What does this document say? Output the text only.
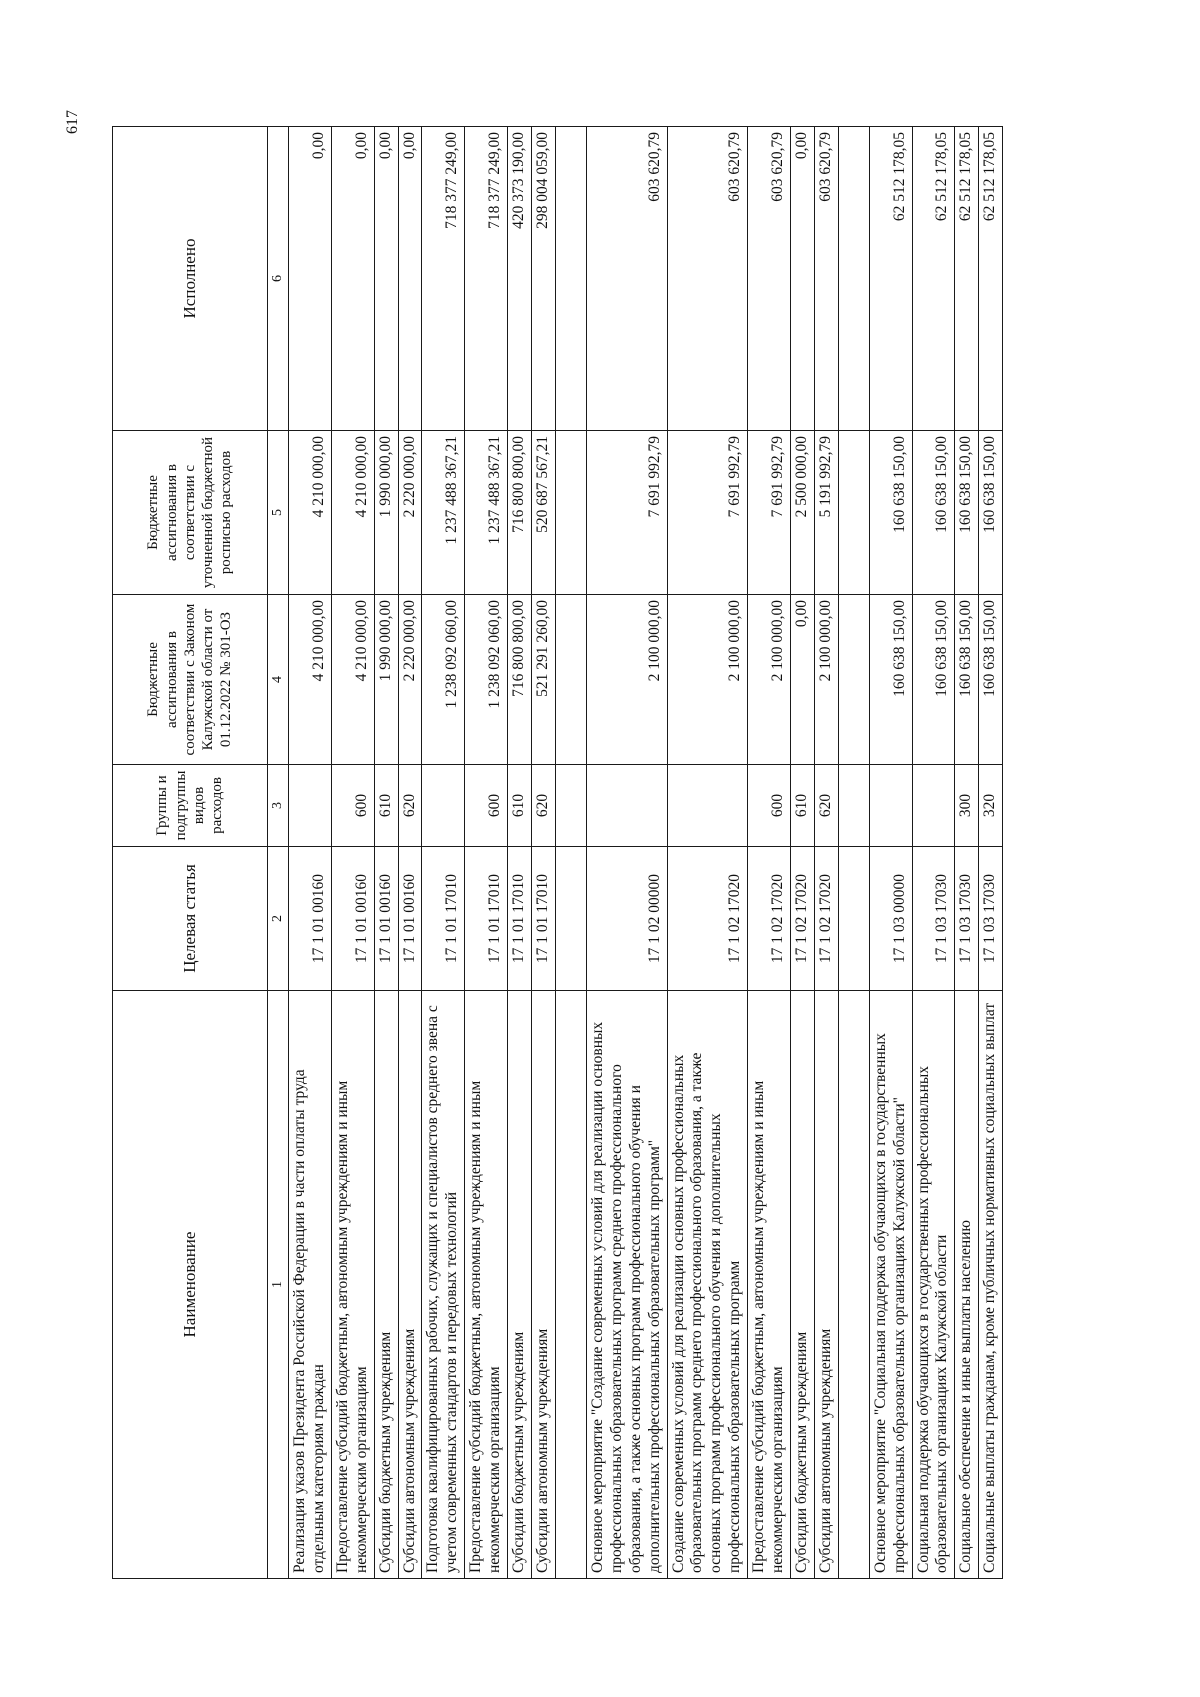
Наименование	Целевая статья	Группы и подгруппы видов расходов	Бюджетные ассигнования в соответствии с Законом Калужской области от 01.12.2022 № 301-ОЗ	Бюджетные ассигнования в соответствии с уточненной бюджетной росписью расходов	Исполнено
1	2	3	4	5	6
Реализация указов Президента Российской Федерации в части оплаты труда отдельным категориям граждан	17 1 01 00160		4 210 000,00	4 210 000,00	0,00
Предоставление субсидий бюджетным, автономным учреждениям и иным некоммерческим организациям	17 1 01 00160	600	4 210 000,00	4 210 000,00	0,00
Субсидии бюджетным учреждениям	17 1 01 00160	610	1 990 000,00	1 990 000,00	0,00
Субсидии автономным учреждениям	17 1 01 00160	620	2 220 000,00	2 220 000,00	0,00
Подготовка квалифицированных рабочих, служащих и специалистов среднего звена с учетом современных стандартов и передовых технологий	17 1 01 17010		1 238 092 060,00	1 237 488 367,21	718 377 249,00
Предоставление субсидий бюджетным, автономным учреждениям и иным некоммерческим организациям	17 1 01 17010	600	1 238 092 060,00	1 237 488 367,21	718 377 249,00
Субсидии бюджетным учреждениям	17 1 01 17010	610	716 800 800,00	716 800 800,00	420 373 190,00
Субсидии автономным учреждениям	17 1 01 17010	620	521 291 260,00	520 687 567,21	298 004 059,00

Основное мероприятие "Создание современных условий для реализации основных профессиональных образовательных программ среднего профессионального образования, а также основных программ профессионального обучения и дополнительных профессиональных образовательных программ"	17 1 02 00000		2 100 000,00	7 691 992,79	603 620,79
Создание современных условий для реализации основных профессиональных образовательных программ среднего профессионального образования, а также основных программ профессионального обучения и дополнительных профессиональных образовательных программ	17 1 02 17020		2 100 000,00	7 691 992,79	603 620,79
Предоставление субсидий бюджетным, автономным учреждениям и иным некоммерческим организациям	17 1 02 17020	600	2 100 000,00	7 691 992,79	603 620,79
Субсидии бюджетным учреждениям	17 1 02 17020	610	0,00	2 500 000,00	0,00
Субсидии автономным учреждениям	17 1 02 17020	620	2 100 000,00	5 191 992,79	603 620,79

Основное мероприятие "Социальная поддержка обучающихся в государственных профессиональных образовательных организациях Калужской области"	17 1 03 00000		160 638 150,00	160 638 150,00	62 512 178,05
Социальная поддержка обучающихся в государственных профессиональных образовательных организациях Калужской области	17 1 03 17030		160 638 150,00	160 638 150,00	62 512 178,05
Социальное обеспечение и иные выплаты населению	17 1 03 17030	300	160 638 150,00	160 638 150,00	62 512 178,05
Социальные выплаты гражданам, кроме публичных нормативных социальных выплат	17 1 03 17030	320	160 638 150,00	160 638 150,00	62 512 178,05
617
